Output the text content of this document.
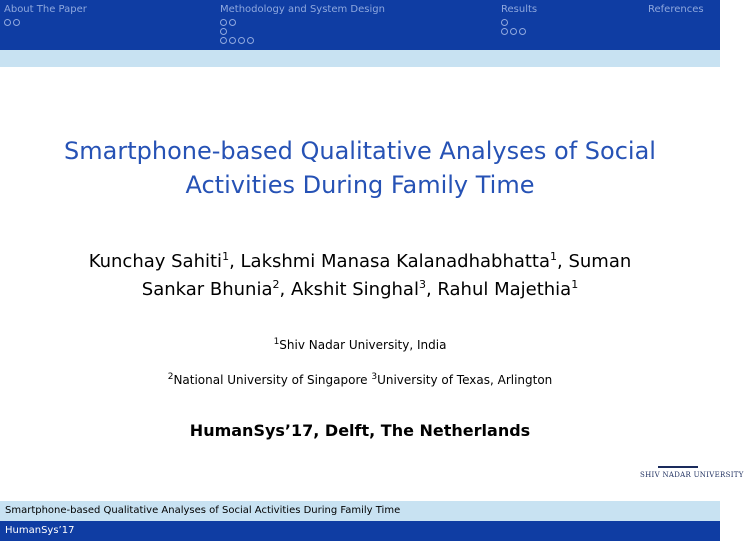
About The Paper	Methodology and System Design	Results	References
Smartphone-based Qualitative Analyses of Social
Activities During Family Time
Kunchay Sahiti$^1$, Lakshmi Manasa Kalanadhabhatta$^1$, Suman
Sankar Bhunia$^2$, Akshit Singhal$^3$, Rahul Majethia$^1$
$^1$Shiv Nadar University, India
$^2$National University of Singapore $^3$University of Texas, Arlington
HumanSys’17, Delft, The Netherlands
SHIV NADAR UNIVERSITY
Smartphone-based Qualitative Analyses of Social Activities During Family Time
HumanSys’17
